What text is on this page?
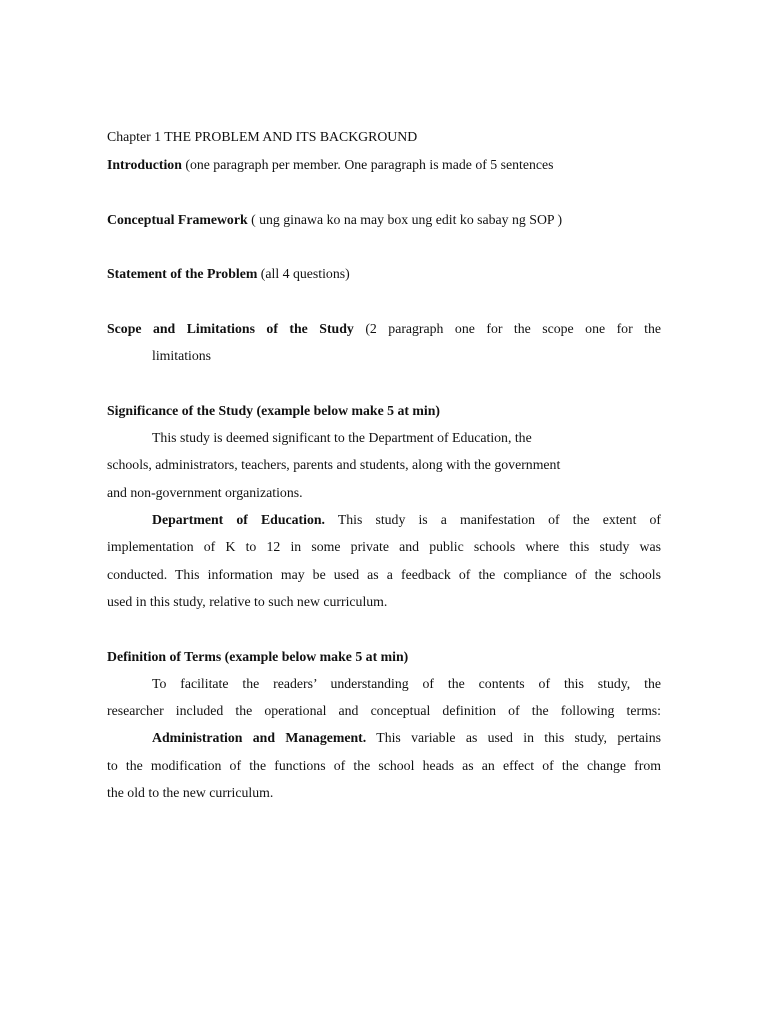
Chapter 1 THE PROBLEM AND ITS BACKGROUND
Introduction (one paragraph per member. One paragraph is made of 5 sentences
Conceptual Framework ( ung ginawa ko na may box ung edit ko sabay ng SOP )
Statement of the Problem (all 4 questions)
Scope and Limitations of the Study (2 paragraph one for the scope one for the
limitations
Significance of the Study (example below make 5 at min)
This study is deemed significant to the Department of Education, the
schools, administrators, teachers, parents and students, along with the government
and non-government organizations.
Department of Education. This study is a manifestation of the extent of
implementation of K to 12 in some private and public schools where this study was
conducted. This information may be used as a feedback of the compliance of the schools
used in this study, relative to such new curriculum.
Definition of Terms (example below make 5 at min)
To facilitate the readers’ understanding of the contents of this study, the
researcher included the operational and conceptual definition of the following terms:
Administration and Management. This variable as used in this study, pertains
to the modification of the functions of the school heads as an effect of the change from
the old to the new curriculum.
